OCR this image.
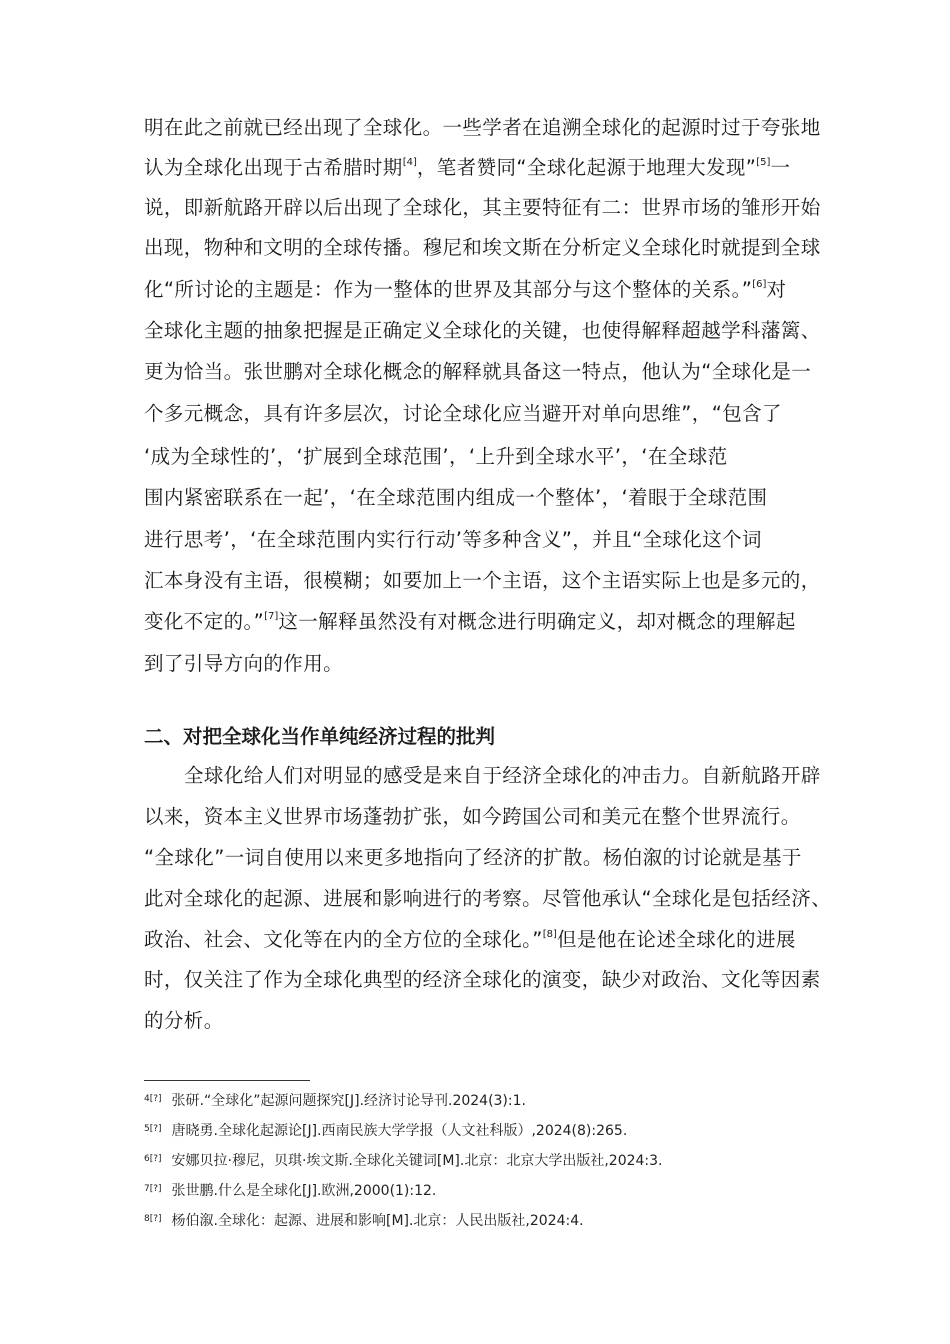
明在此之前就已经出现了全球化。一些学者在追溯全球化的起源时过于夸张地
认为全球化出现于古希腊时期[4]，笔者赞同“全球化起源于地理大发现”[5]一
说，即新航路开辟以后出现了全球化，其主要特征有二：世界市场的雏形开始
出现，物种和文明的全球传播。穆尼和埃文斯在分析定义全球化时就提到全球
化“所讨论的主题是：作为一整体的世界及其部分与这个整体的关系。”[6]对
全球化主题的抽象把握是正确定义全球化的关键，也使得解释超越学科藩篱、
更为恰当。张世鹏对全球化概念的解释就具备这一特点，他认为“全球化是一
个多元概念，具有许多层次，讨论全球化应当避开对单向思维”，“包含了
‘成为全球性的’，‘扩展到全球范围’，‘上升到全球水平’，‘在全球范
围内紧密联系在一起’，‘在全球范围内组成一个整体’，‘着眼于全球范围
进行思考’，‘在全球范围内实行行动’等多种含义”，并且“全球化这个词
汇本身没有主语，很模糊；如要加上一个主语，这个主语实际上也是多元的，
变化不定的。”[7]这一解释虽然没有对概念进行明确定义，却对概念的理解起
到了引导方向的作用。
二、对把全球化当作单纯经济过程的批判
全球化给人们对明显的感受是来自于经济全球化的冲击力。自新航路开辟
以来，资本主义世界市场蓬勃扩张，如今跨国公司和美元在整个世界流行。
“全球化”一词自使用以来更多地指向了经济的扩散。杨伯溆的讨论就是基于
此对全球化的起源、进展和影响进行的考察。尽管他承认“全球化是包括经济、
政治、社会、文化等在内的全方位的全球化。”[8]但是他在论述全球化的进展
时，仅关注了作为全球化典型的经济全球化的演变，缺少对政治、文化等因素
的分析。
$^{4[?]}$ 张研.“全球化”起源问题探究[J].经济讨论导刊.2024(3):1.
$^{5[?]}$ 唐晓勇.全球化起源论[J].西南民族大学学报（人文社科版）,2024(8):265.
$^{6[?]}$ 安娜贝拉·穆尼，贝琪·埃文斯.全球化关键词[M].北京：北京大学出版社,2024:3.
$^{7[?]}$ 张世鹏.什么是全球化[J].欧洲,2000(1):12.
$^{8[?]}$ 杨伯溆.全球化：起源、进展和影响[M].北京：人民出版社,2024:4.
